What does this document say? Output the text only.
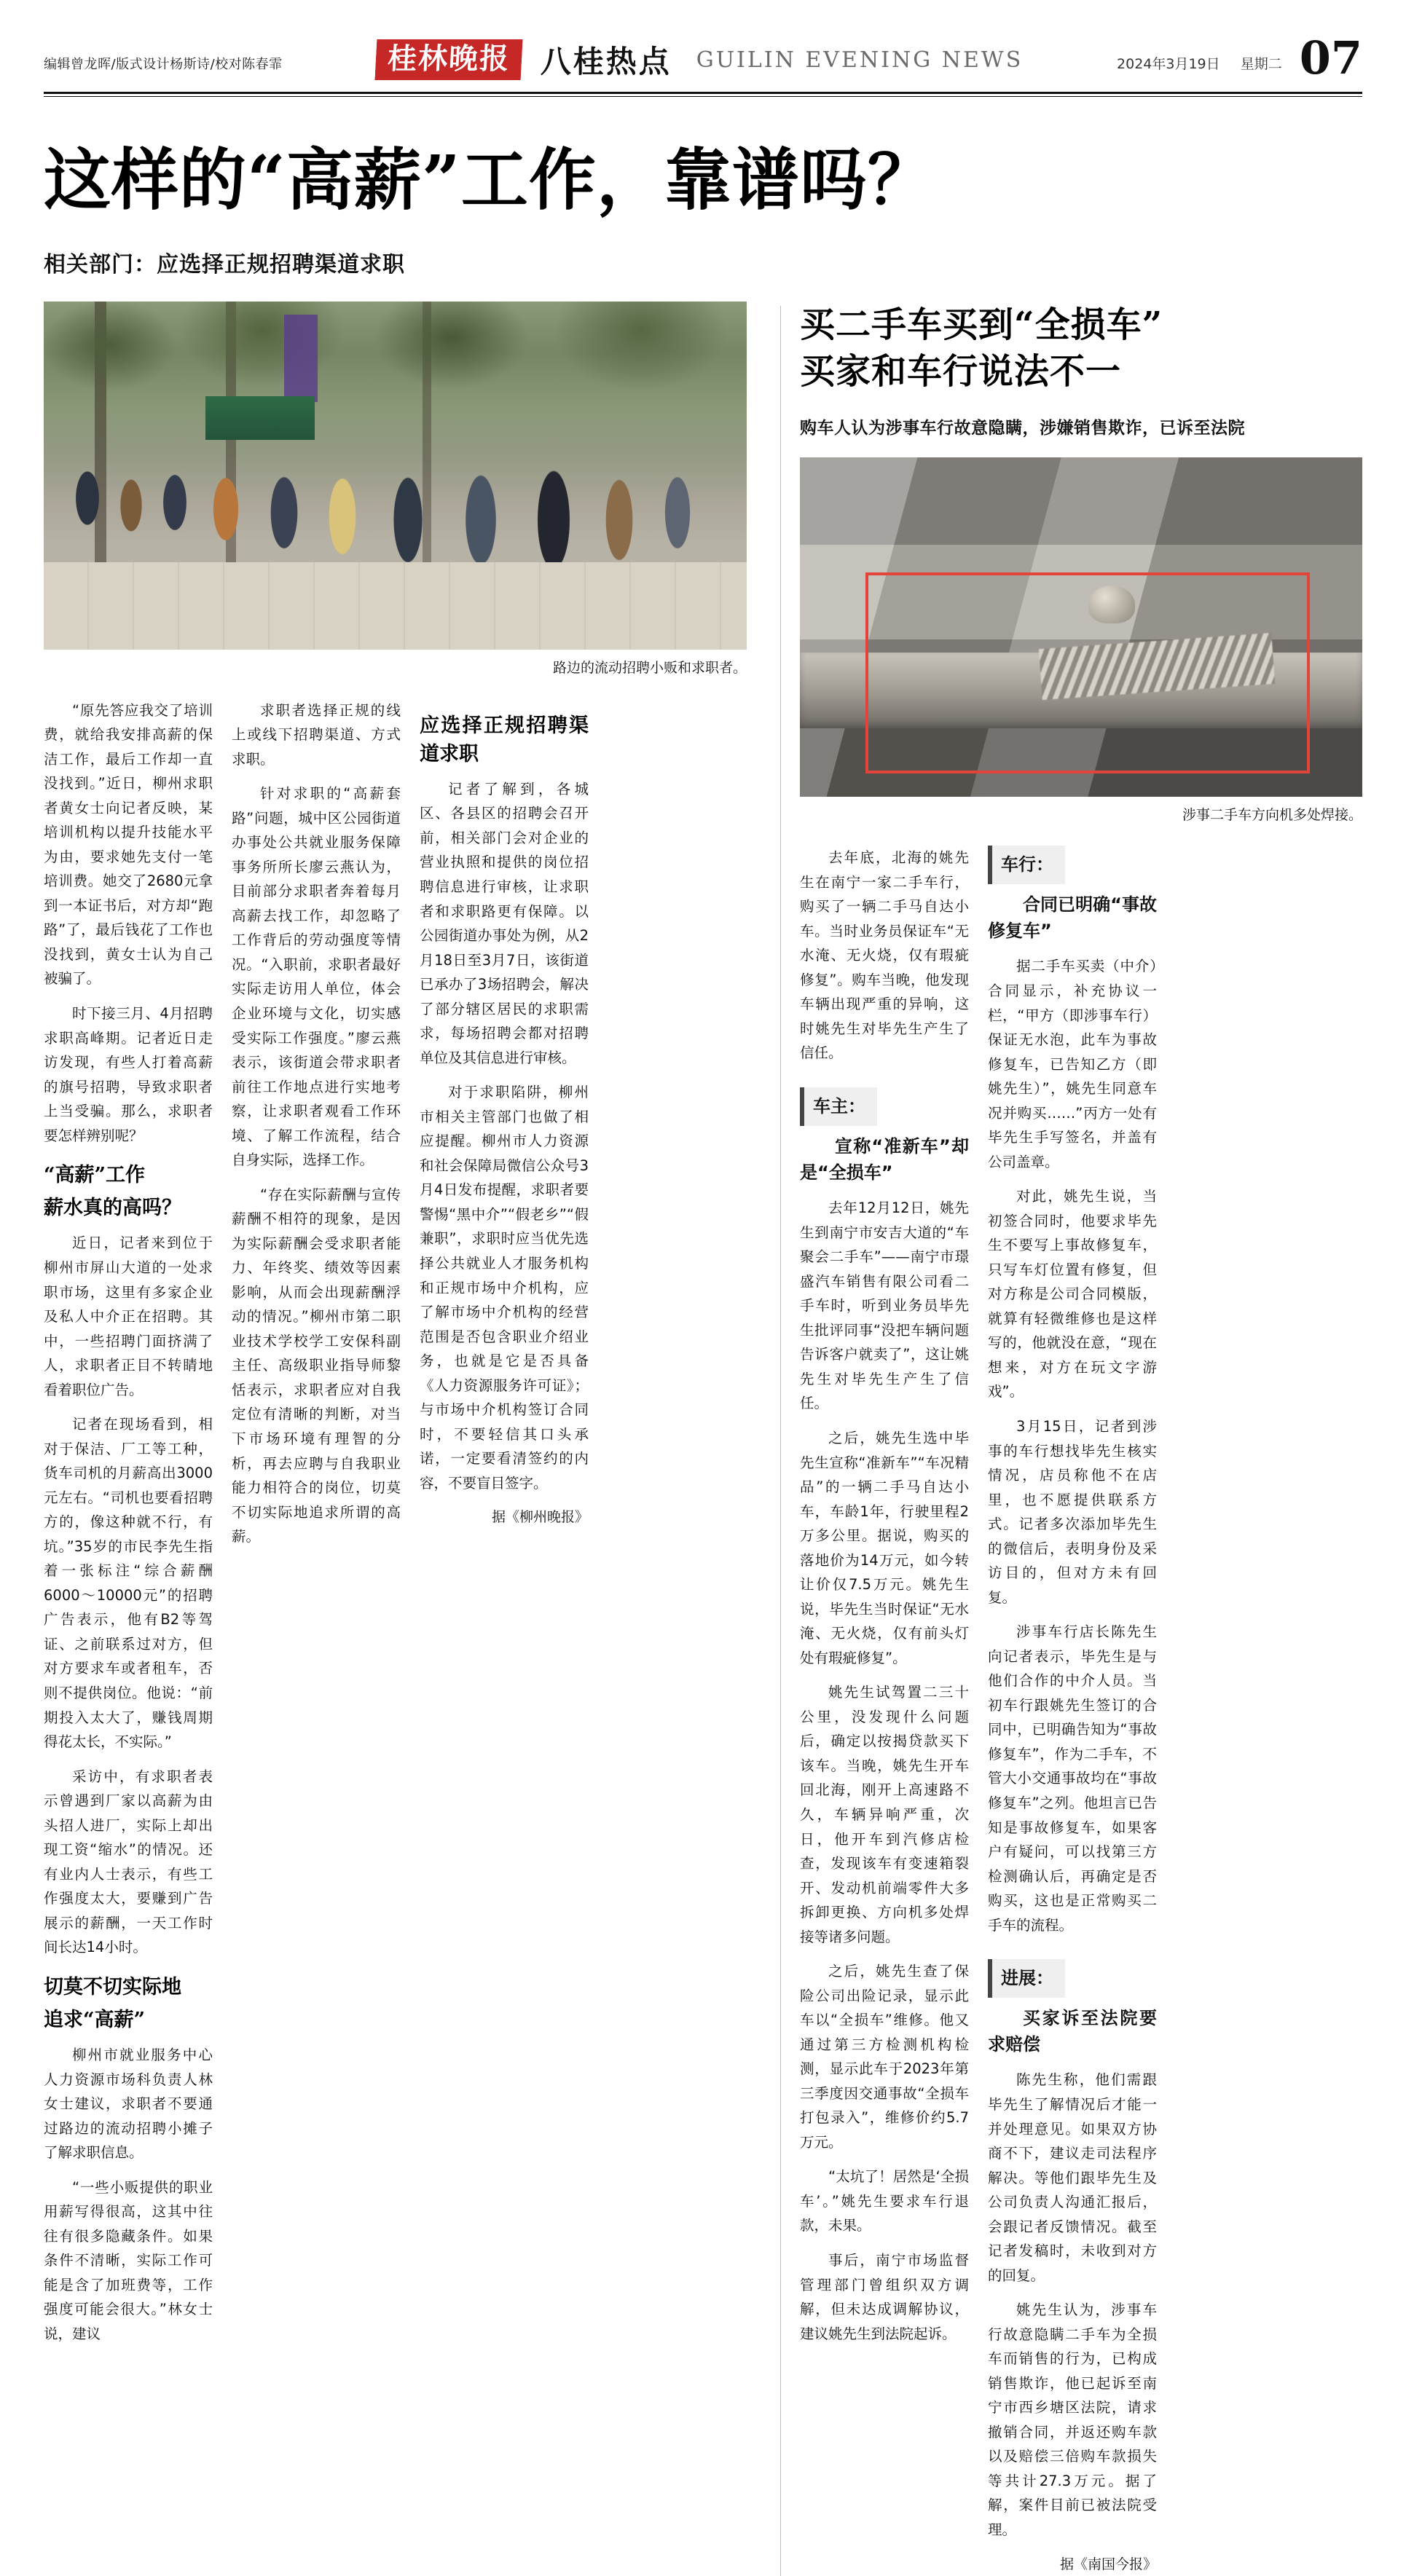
编辑曾龙晖/版式设计杨斯诗/校对陈春霏	桂林晚报 八桂热点 GUILIN EVENING NEWS	2024年3月19日 星期二 07
这样的“高薪”工作，靠谱吗？
相关部门：应选择正规招聘渠道求职
路边的流动招聘小贩和求职者。

“原先答应我交了培训费，就给我安排高薪的保洁工作，最后工作却一直没找到。”近日，柳州求职者黄女士向记者反映，某培训机构以提升技能水平为由，要求她先支付一笔培训费。她交了2680元拿到一本证书后，对方却“跑路”了，最后钱花了工作也没找到，黄女士认为自己被骗了。

时下接三月、4月招聘求职高峰期。记者近日走访发现，有些人打着高薪的旗号招聘，导致求职者上当受骗。那么，求职者要怎样辨别呢？

“高薪”工作
薪水真的高吗？

近日，记者来到位于柳州市屏山大道的一处求职市场，这里有多家企业及私人中介正在招聘。其中，一些招聘门面挤满了人，求职者正目不转睛地看着职位广告。

记者在现场看到，相对于保洁、厂工等工种，货车司机的月薪高出3000元左右。“司机也要看招聘方的，像这种就不行，有坑。”35岁的市民李先生指着一张标注“综合薪酬6000～10000元”的招聘广告表示，他有B2等驾证、之前联系过对方，但对方要求车或者租车，否则不提供岗位。他说：“前期投入太大了，赚钱周期得花太长，不实际。”

采访中，有求职者表示曾遇到厂家以高薪为由头招人进厂，实际上却出现工资“缩水”的情况。还有业内人士表示，有些工作强度太大，要赚到广告展示的薪酬，一天工作时间长达14小时。

切莫不切实际地
追求“高薪”

柳州市就业服务中心人力资源市场科负责人林女士建议，求职者不要通过路边的流动招聘小摊子了解求职信息。

“一些小贩提供的职业用薪写得很高，这其中往往有很多隐藏条件。如果条件不清晰，实际工作可能是含了加班费等，工作强度可能会很大。”林女士说，建议

求职者选择正规的线上或线下招聘渠道、方式求职。

针对求职的“高薪套路”问题，城中区公园街道办事处公共就业服务保障事务所所长廖云燕认为，目前部分求职者奔着每月高薪去找工作，却忽略了工作背后的劳动强度等情况。“入职前，求职者最好实际走访用人单位，体会企业环境与文化，切实感受实际工作强度。”廖云燕表示，该街道会带求职者前往工作地点进行实地考察，让求职者观看工作环境、了解工作流程，结合自身实际，选择工作。

“存在实际薪酬与宣传薪酬不相符的现象，是因为实际薪酬会受求职者能力、年终奖、绩效等因素影响，从而会出现薪酬浮动的情况。”柳州市第二职业技术学校学工安保科副主任、高级职业指导师黎恬表示，求职者应对自我定位有清晰的判断，对当下市场环境有理智的分析，再去应聘与自我职业能力相符合的岗位，切莫不切实际地追求所谓的高薪。

应选择正规招聘渠道求职

记者了解到，各城区、各县区的招聘会召开前，相关部门会对企业的营业执照和提供的岗位招聘信息进行审核，让求职者和求职路更有保障。以公园街道办事处为例，从2月18日至3月7日，该街道已承办了3场招聘会，解决了部分辖区居民的求职需求，每场招聘会都对招聘单位及其信息进行审核。

对于求职陷阱，柳州市相关主管部门也做了相应提醒。柳州市人力资源和社会保障局微信公众号3月4日发布提醒，求职者要警惕“黑中介”“假老乡”“假兼职”，求职时应当优先选择公共就业人才服务机构和正规市场中介机构，应了解市场中介机构的经营范围是否包含职业介绍业务，也就是它是否具备《人力资源服务许可证》；与市场中介机构签订合同时，不要轻信其口头承诺，一定要看清签约的内容，不要盲目签字。

据《柳州晚报》
买二手车买到“全损车”
买家和车行说法不一
购车人认为涉事车行故意隐瞒，涉嫌销售欺诈，已诉至法院
涉事二手车方向机多处焊接。

去年底，北海的姚先生在南宁一家二手车行，购买了一辆二手马自达小车。当时业务员保证车“无水淹、无火烧，仅有瑕疵修复”。购车当晚，他发现车辆出现严重的异响，这时姚先生对毕先生产生了信任。

车主：

宣称“准新车”却是“全损车”

去年12月12日，姚先生到南宁市安吉大道的“车聚会二手车”——南宁市璟盛汽车销售有限公司看二手车时，听到业务员毕先生批评同事“没把车辆问题告诉客户就卖了”，这让姚先生对毕先生产生了信任。

之后，姚先生选中毕先生宣称“准新车”“车况精品”的一辆二手马自达小车，车龄1年，行驶里程2万多公里。据说，购买的落地价为14万元，如今转让价仅7.5万元。姚先生说，毕先生当时保证“无水淹、无火烧，仅有前头灯处有瑕疵修复”。

姚先生试驾置二三十公里，没发现什么问题后，确定以按揭贷款买下该车。当晚，姚先生开车回北海，刚开上高速路不久，车辆异响严重，次日，他开车到汽修店检查，发现该车有变速箱裂开、发动机前端零件大多拆卸更换、方向机多处焊接等诸多问题。

之后，姚先生查了保险公司出险记录，显示此车以“全损车”维修。他又通过第三方检测机构检测，显示此车于2023年第三季度因交通事故“全损车打包录入”，维修价约5.7万元。

“太坑了！居然是‘全损车’。”姚先生要求车行退款，未果。

事后，南宁市场监督管理部门曾组织双方调解，但未达成调解协议，建议姚先生到法院起诉。

车行：

合同已明确“事故修复车”

据二手车买卖（中介）合同显示，补充协议一栏，“甲方（即涉事车行）保证无水泡，此车为事故修复车，已告知乙方（即姚先生）”，姚先生同意车况并购买……”丙方一处有毕先生手写签名，并盖有公司盖章。

对此，姚先生说，当初签合同时，他要求毕先生不要写上事故修复车，只写车灯位置有修复，但对方称是公司合同模版，就算有轻微维修也是这样写的，他就没在意，“现在想来，对方在玩文字游戏”。

3月15日，记者到涉事的车行想找毕先生核实情况，店员称他不在店里，也不愿提供联系方式。记者多次添加毕先生的微信后，表明身份及采访目的，但对方未有回复。

涉事车行店长陈先生向记者表示，毕先生是与他们合作的中介人员。当初车行跟姚先生签订的合同中，已明确告知为“事故修复车”，作为二手车，不管大小交通事故均在“事故修复车”之列。他坦言已告知是事故修复车，如果客户有疑问，可以找第三方检测确认后，再确定是否购买，这也是正常购买二手车的流程。

进展：

买家诉至法院要求赔偿

陈先生称，他们需跟毕先生了解情况后才能一并处理意见。如果双方协商不下，建议走司法程序解决。等他们跟毕先生及公司负责人沟通汇报后，会跟记者反馈情况。截至记者发稿时，未收到对方的回复。

姚先生认为，涉事车行故意隐瞒二手车为全损车而销售的行为，已构成销售欺诈，他已起诉至南宁市西乡塘区法院，请求撤销合同，并返还购车款以及赔偿三倍购车款损失等共计27.3万元。据了解，案件目前已被法院受理。

据《南国今报》
